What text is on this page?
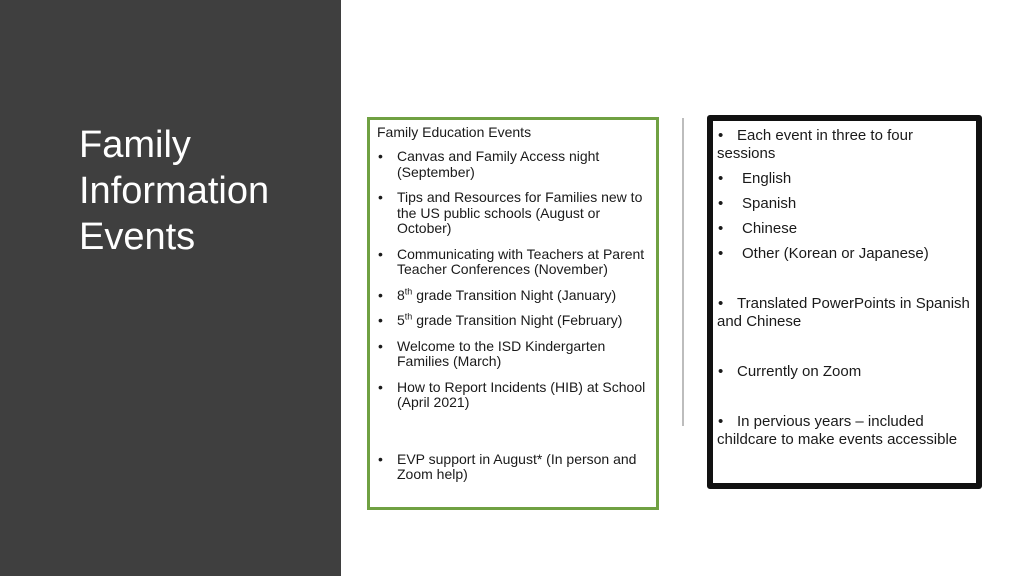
Family
Information
Events
Family Education Events
• Canvas and Family Access night (September)
• Tips and Resources for Families new to the US public schools (August or October)
• Communicating with Teachers at Parent Teacher Conferences (November)
• 8th grade Transition Night (January)
• 5th grade Transition Night (February)
• Welcome to the ISD Kindergarten Families (March)
• How to Report Incidents (HIB) at School (April 2021)
• EVP support in August* (In person and Zoom help)
• Each event in three to four sessions
• English
• Spanish
• Chinese
• Other (Korean or Japanese)
• Translated PowerPoints in Spanish and Chinese
• Currently on Zoom
• In pervious years – included childcare to make events accessible
